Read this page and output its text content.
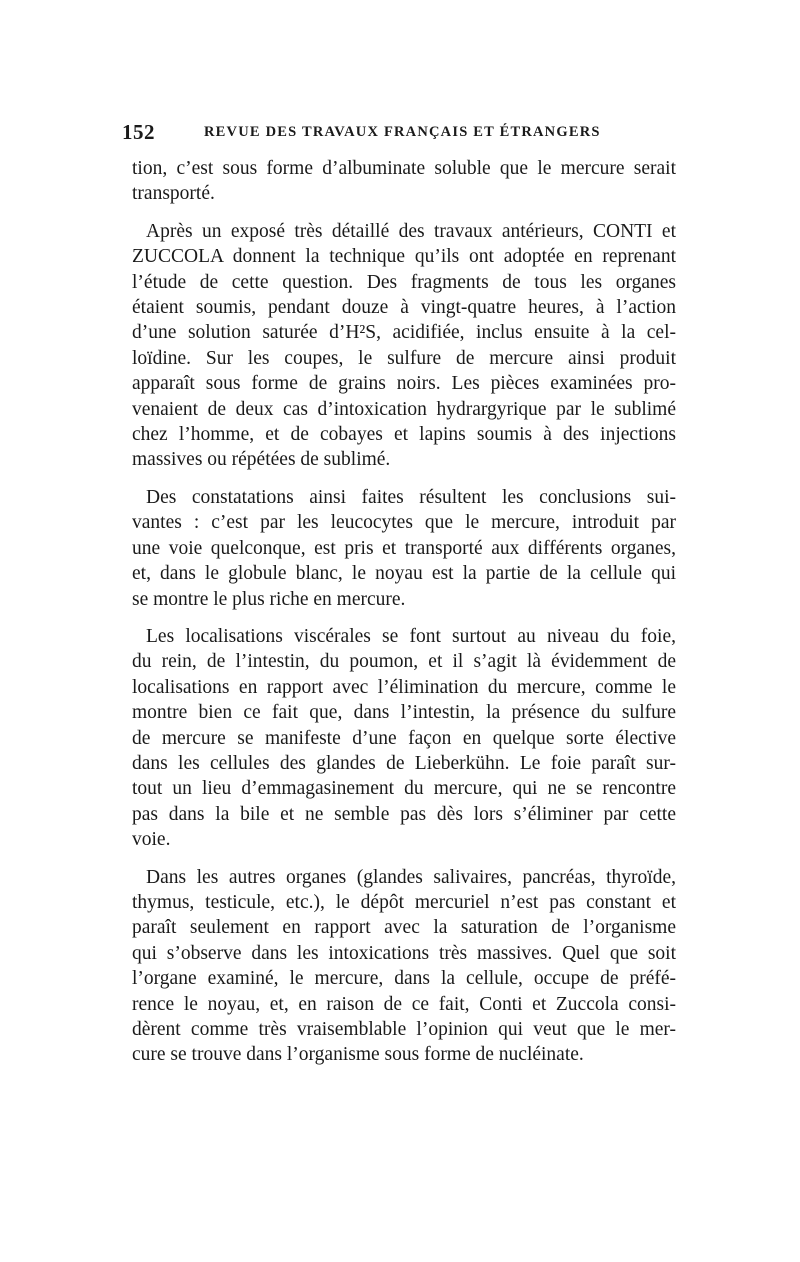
152	REVUE DES TRAVAUX FRANÇAIS ET ÉTRANGERS
tion, c’est sous forme d’albuminate soluble que le mercure serait
transporté.
Après un exposé très détaillé des travaux antérieurs, CONTI et
ZUCCOLA donnent la technique qu’ils ont adoptée en reprenant
l’étude de cette question. Des fragments de tous les organes
étaient soumis, pendant douze à vingt-quatre heures, à l’action
d’une solution saturée d’H²S, acidifiée, inclus ensuite à la cel-
loïdine. Sur les coupes, le sulfure de mercure ainsi produit
apparaît sous forme de grains noirs. Les pièces examinées pro-
venaient de deux cas d’intoxication hydrargyrique par le sublimé
chez l’homme, et de cobayes et lapins soumis à des injections
massives ou répétées de sublimé.
Des constatations ainsi faites résultent les conclusions sui-
vantes : c’est par les leucocytes que le mercure, introduit par
une voie quelconque, est pris et transporté aux différents organes,
et, dans le globule blanc, le noyau est la partie de la cellule qui
se montre le plus riche en mercure.
Les localisations viscérales se font surtout au niveau du foie,
du rein, de l’intestin, du poumon, et il s’agit là évidemment de
localisations en rapport avec l’élimination du mercure, comme le
montre bien ce fait que, dans l’intestin, la présence du sulfure
de mercure se manifeste d’une façon en quelque sorte élective
dans les cellules des glandes de Lieberkühn. Le foie paraît sur-
tout un lieu d’emmagasinement du mercure, qui ne se rencontre
pas dans la bile et ne semble pas dès lors s’éliminer par cette
voie.
Dans les autres organes (glandes salivaires, pancréas, thyroïde,
thymus, testicule, etc.), le dépôt mercuriel n’est pas constant et
paraît seulement en rapport avec la saturation de l’organisme
qui s’observe dans les intoxications très massives. Quel que soit
l’organe examiné, le mercure, dans la cellule, occupe de préfé-
rence le noyau, et, en raison de ce fait, Conti et Zuccola consi-
dèrent comme très vraisemblable l’opinion qui veut que le mer-
cure se trouve dans l’organisme sous forme de nucléinate.
